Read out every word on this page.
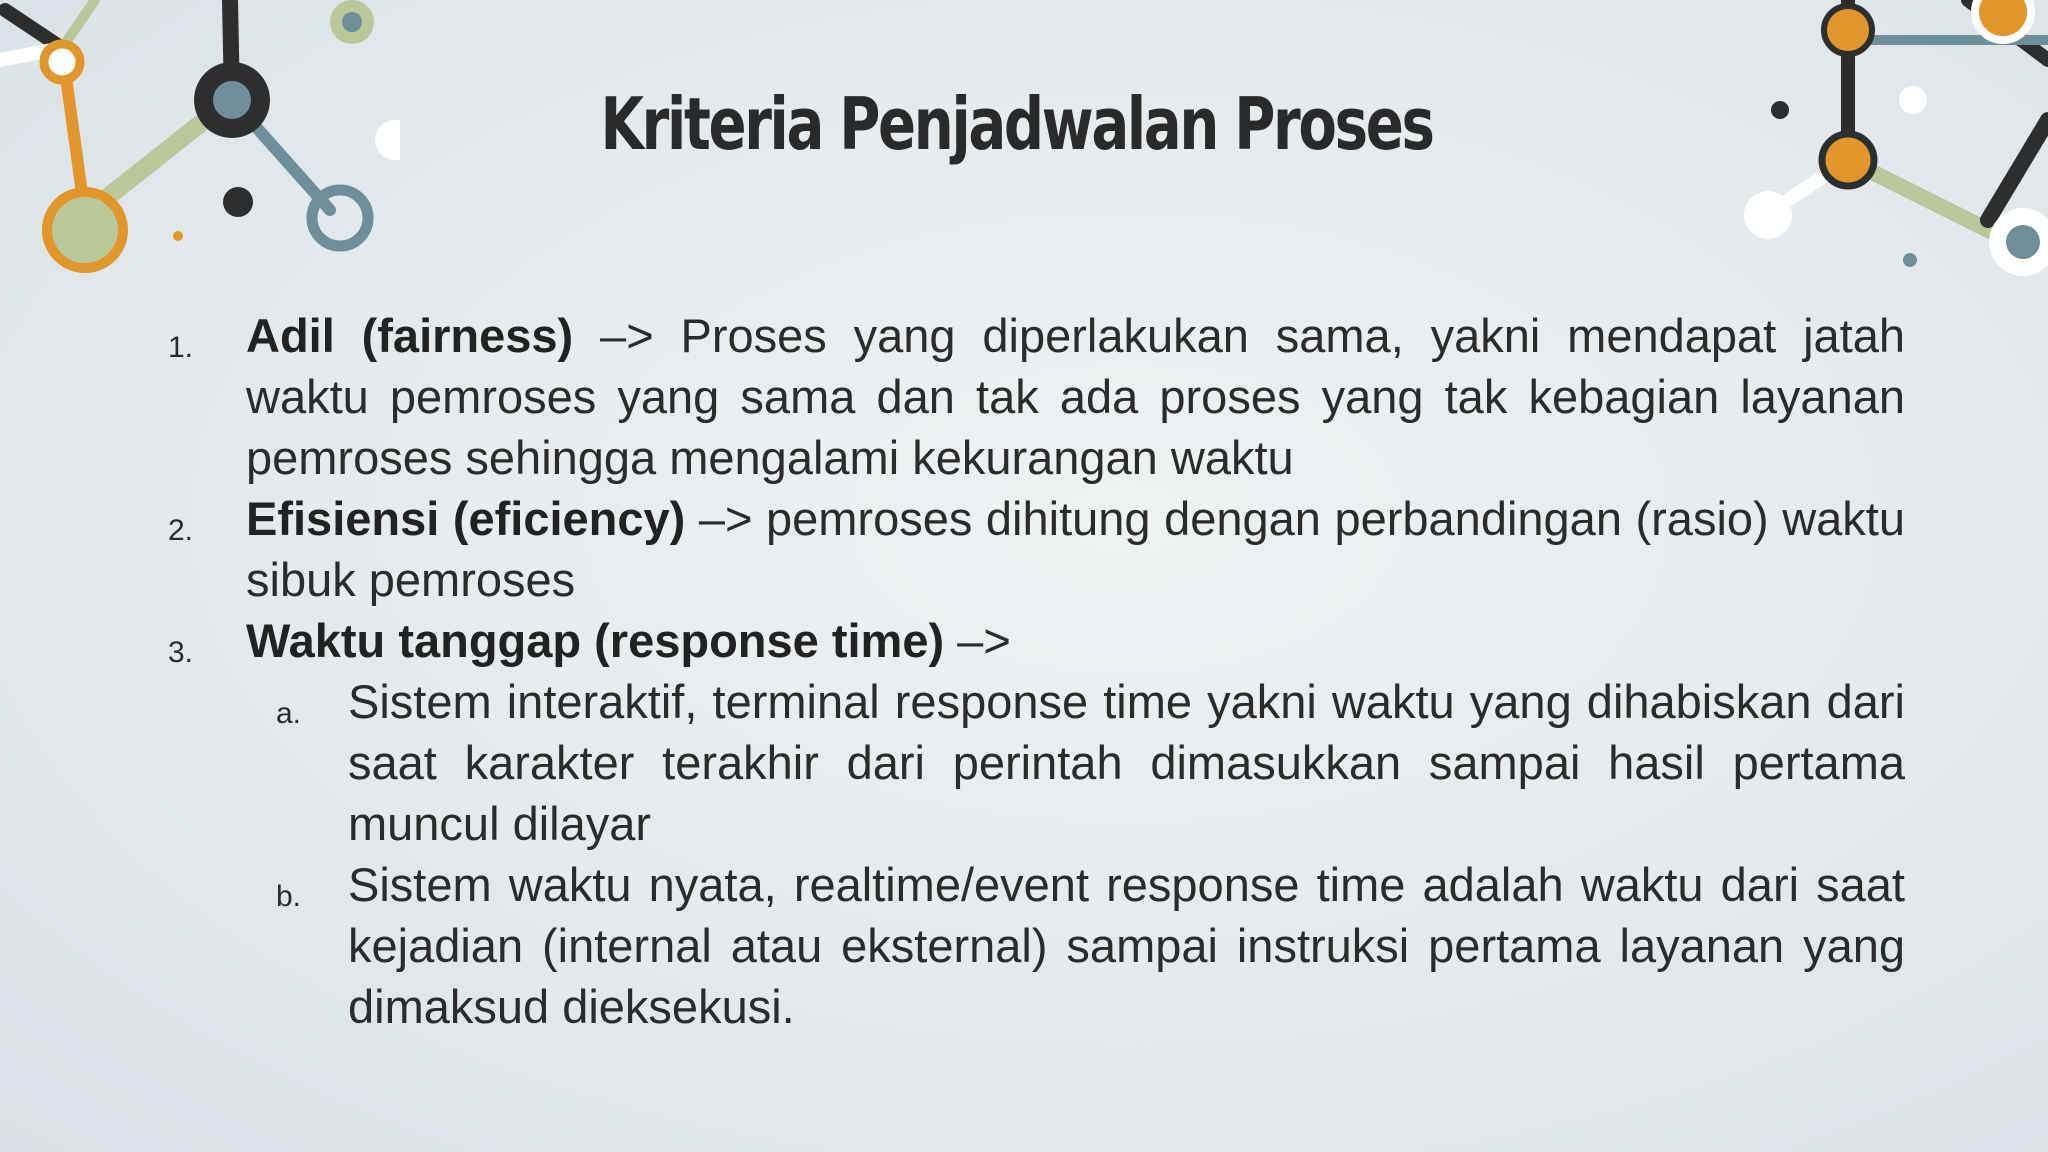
Kriteria Penjadwalan Proses
1. Adil (fairness) –> Proses yang diperlakukan sama, yakni mendapat jatah waktu pemroses yang sama dan tak ada proses yang tak kebagian layanan pemroses sehingga mengalami kekurangan waktu
2. Efisiensi (eficiency) –> pemroses dihitung dengan perbandingan (rasio) waktu sibuk pemroses
3. Waktu tanggap (response time) –>
a. Sistem interaktif, terminal response time yakni waktu yang dihabiskan dari saat karakter terakhir dari perintah dimasukkan sampai hasil pertama muncul dilayar
b. Sistem waktu nyata, realtime/event response time adalah waktu dari saat kejadian (internal atau eksternal) sampai instruksi pertama layanan yang dimaksud dieksekusi.
